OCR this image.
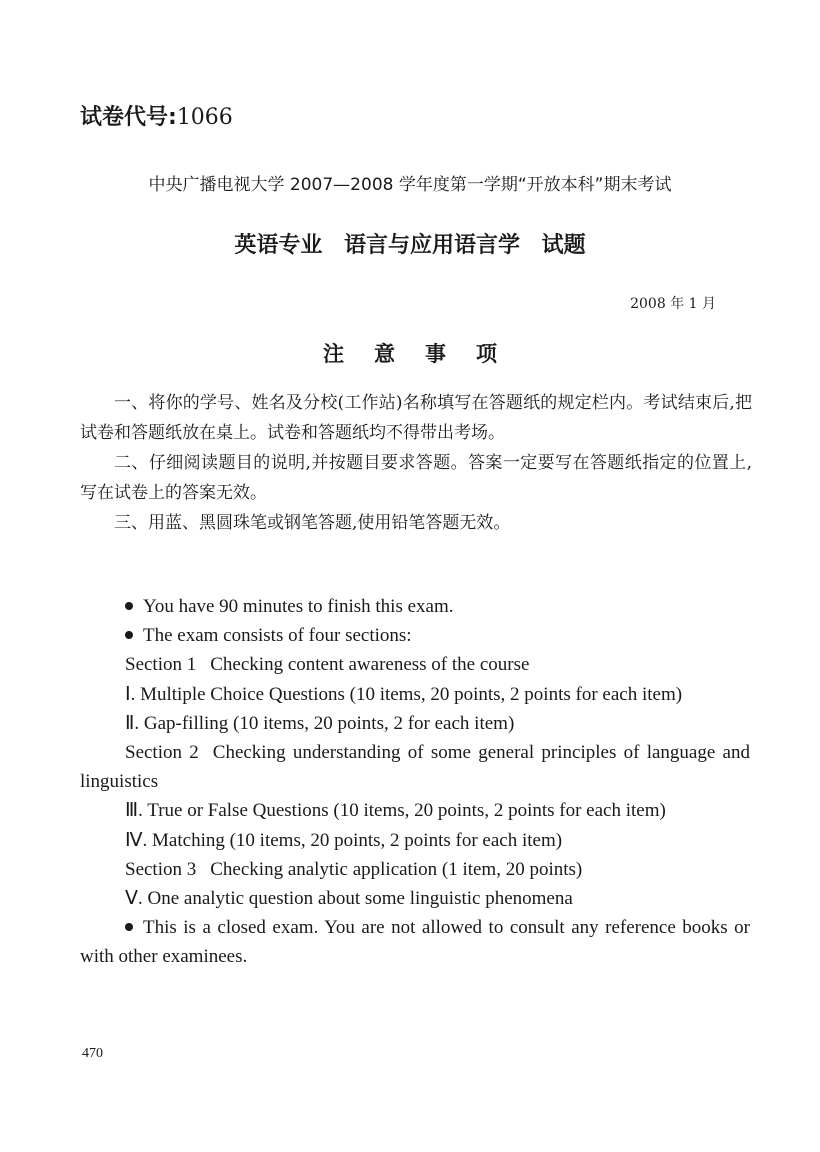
试卷代号:1066
中央广播电视大学 2007—2008 学年度第一学期“开放本科”期末考试
英语专业 语言与应用语言学 试题
2008 年 1 月
注意事项

一、将你的学号、姓名及分校(工作站)名称填写在答题纸的规定栏内。考试结束后,把试卷和答题纸放在桌上。试卷和答题纸均不得带出考场。

二、仔细阅读题目的说明,并按题目要求答题。答案一定要写在答题纸指定的位置上,写在试卷上的答案无效。

三、用蓝、黑圆珠笔或钢笔答题,使用铅笔答题无效。

You have 90 minutes to finish this exam.

The exam consists of four sections:

Section 1 Checking content awareness of the course

Ⅰ. Multiple Choice Questions (10 items, 20 points, 2 points for each item)

Ⅱ. Gap-filling (10 items, 20 points, 2 for each item)

Section 2 Checking understanding of some general principles of language and linguistics

Ⅲ. True or False Questions (10 items, 20 points, 2 points for each item)

Ⅳ. Matching (10 items, 20 points, 2 points for each item)

Section 3 Checking analytic application (1 item, 20 points)

Ⅴ. One analytic question about some linguistic phenomena

This is a closed exam. You are not allowed to consult any reference books or with other examinees.

470
